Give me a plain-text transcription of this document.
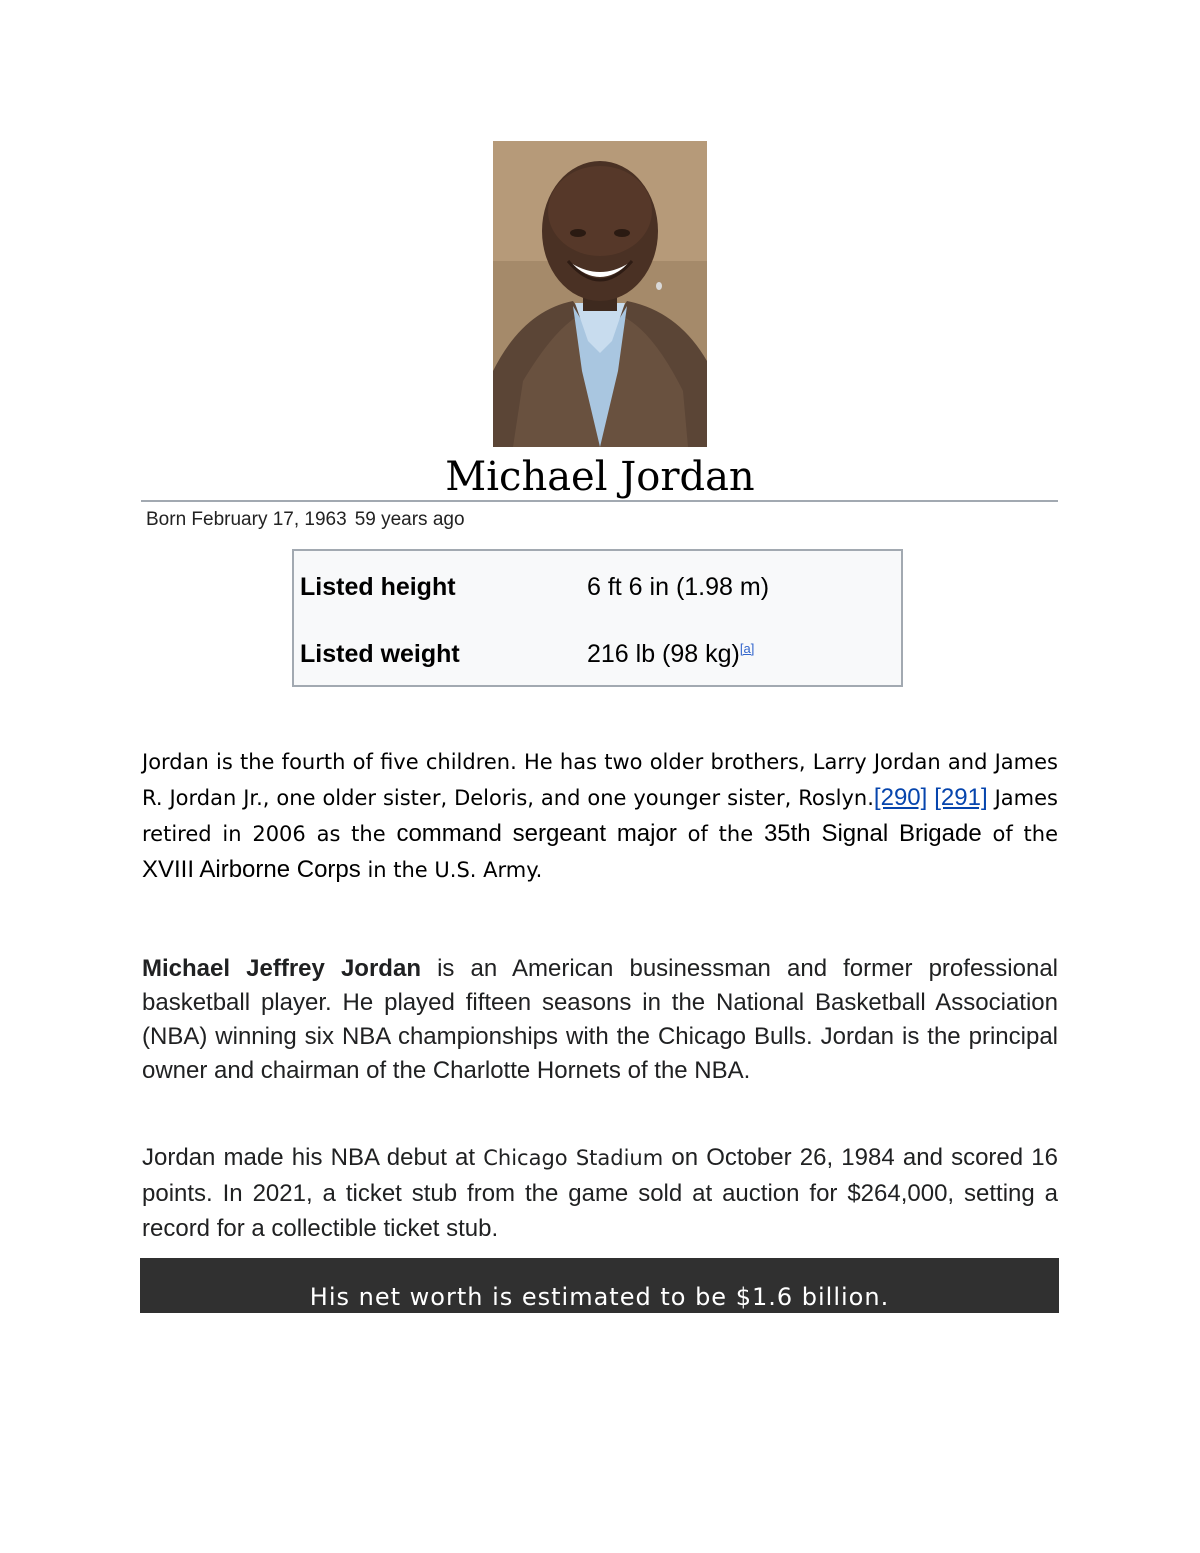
Michael Jordan
Born February 17, 1963 59 years ago
Listed height	6 ft 6 in (1.98 m)
Listed weight	216 lb (98 kg)[a]

Jordan is the fourth of five children. He has two older brothers, Larry Jordan and James R. Jordan Jr., one older sister, Deloris, and one younger sister, Roslyn.[290] [291] James retired in 2006 as the command sergeant major of the 35th Signal Brigade of the XVIII Airborne Corps in the U.S. Army.

Michael Jeffrey Jordan is an American businessman and former professional basketball player. He played fifteen seasons in the National Basketball Association (NBA) winning six NBA championships with the Chicago Bulls. Jordan is the principal owner and chairman of the Charlotte Hornets of the NBA.

Jordan made his NBA debut at Chicago Stadium on October 26, 1984 and scored 16 points. In 2021, a ticket stub from the game sold at auction for $264,000, setting a record for a collectible ticket stub.

His net worth is estimated to be $1.6 billion.
